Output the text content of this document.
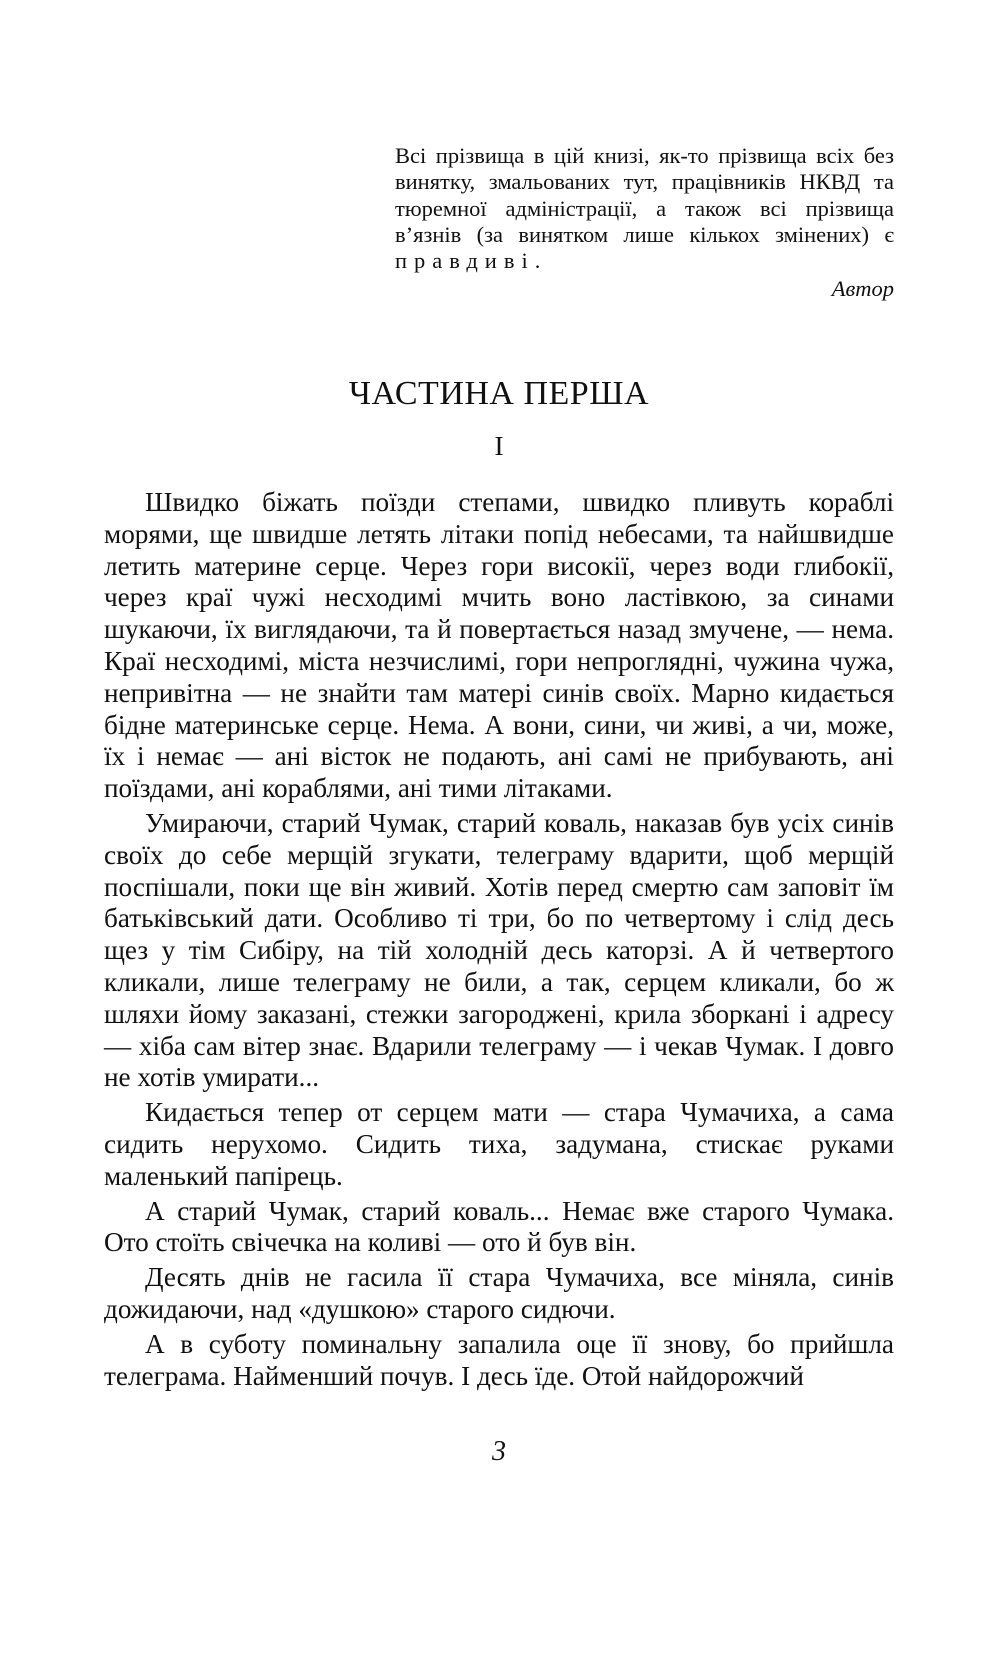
Всі прізвища в цій книзі, як-то прізвища всіх без винятку, змальованих тут, працівників НКВД та тюремної адміністрації, а також всі прізвища в’язнів (за винятком лише кількох змінених) є правдиві.

Автор

ЧАСТИНА ПЕРША
I

Швидко біжать поїзди степами, швидко пливуть кораблі морями, ще швидше летять літаки попід небесами, та найшвидше летить материне серце. Через гори високії, через води глибокії, через краї чужі несходимі мчить воно ластівкою, за синами шукаючи, їх виглядаючи, та й повертається назад змучене, — нема. Краї несходимі, міста незчислимі, гори непроглядні, чужина чужа, непривітна — не знайти там матері синів своїх. Марно кидається бідне материнське серце. Нема. А вони, сини, чи живі, а чи, може, їх і немає — ані вісток не подають, ані самі не прибувають, ані поїздами, ані кораблями, ані тими літаками.

Умираючи, старий Чумак, старий коваль, наказав був усіх синів своїх до себе мерщій згукати, телеграму вдарити, щоб мерщій поспішали, поки ще він живий. Хотів перед смертю сам заповіт їм батьківський дати. Особливо ті три, бо по четвертому і слід десь щез у тім Сибіру, на тій холодній десь каторзі. А й четвертого кликали, лише телеграму не били, а так, серцем кликали, бо ж шляхи йому заказані, стежки загороджені, крила зборкані і адресу — хіба сам вітер знає. Вдарили телеграму — і чекав Чумак. І довго не хотів умирати...

Кидається тепер от серцем мати — стара Чумачиха, а сама сидить нерухомо. Сидить тиха, задумана, стискає руками маленький папірець.

А старий Чумак, старий коваль... Немає вже старого Чумака. Ото стоїть свічечка на коливі — ото й був він.

Десять днів не гасила її стара Чумачиха, все міняла, синів дожидаючи, над «душкою» старого сидючи.

А в суботу поминальну запалила оце її знову, бо прийшла телеграма. Найменший почув. І десь їде. Отой найдорожчий

3
